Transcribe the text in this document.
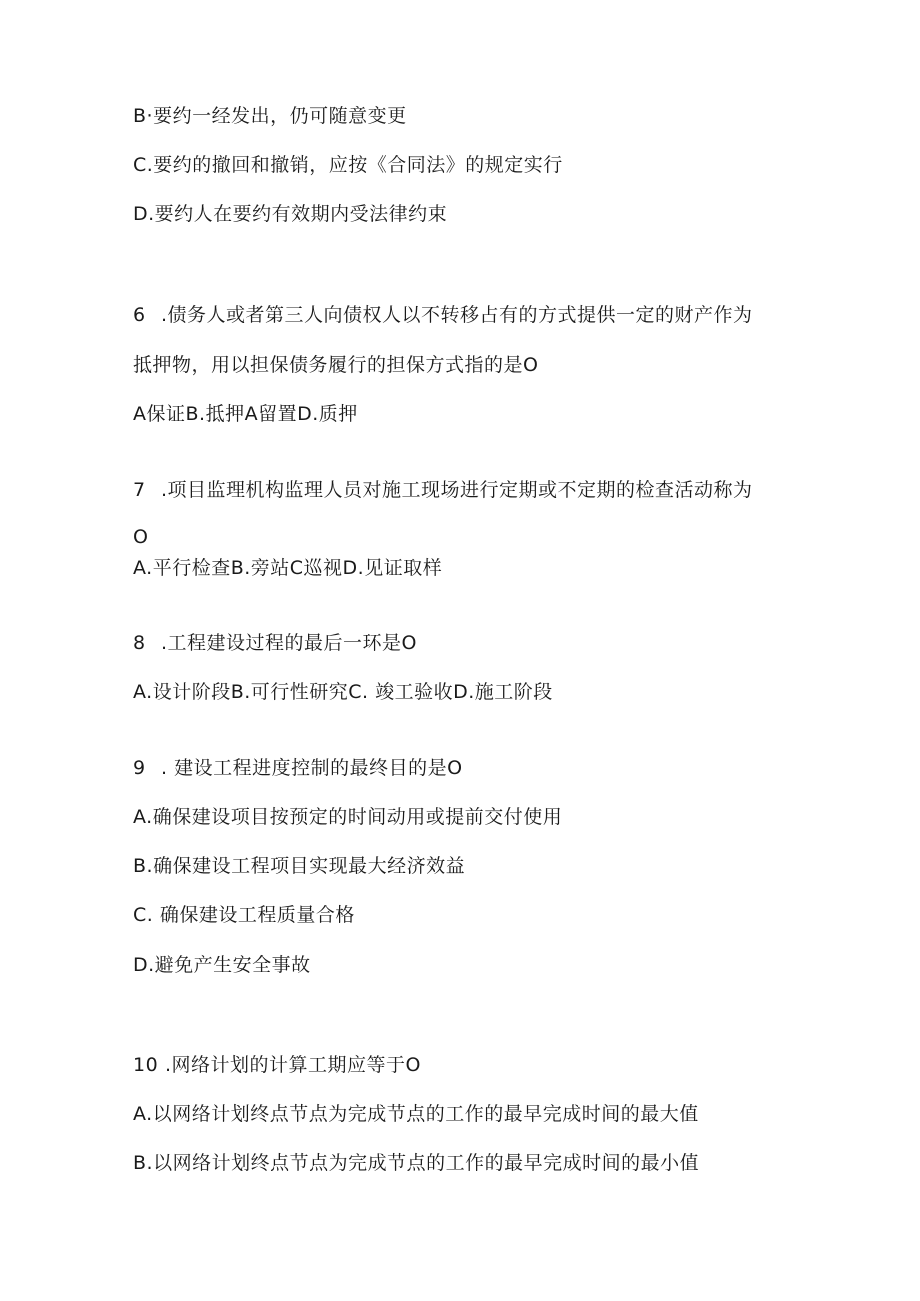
B·要约一经发出，仍可随意变更
C.要约的撤回和撤销，应按《合同法》的规定实行
D.要约人在要约有效期内受法律约束
6 .债务人或者第三人向债权人以不转移占有的方式提供一定的财产作为
抵押物，用以担保债务履行的担保方式指的是O
A保证B.抵押A留置D.质押
7 .项目监理机构监理人员对施工现场进行定期或不定期的检查活动称为
O
A.平行检查B.旁站C巡视D.见证取样
8 .工程建设过程的最后一环是O
A.设计阶段B.可行性研究C. 竣工验收D.施工阶段
9 . 建设工程进度控制的最终目的是O
A.确保建设项目按预定的时间动用或提前交付使用
B.确保建设工程项目实现最大经济效益
C. 确保建设工程质量合格
D.避免产生安全事故
10 .网络计划的计算工期应等于O
A.以网络计划终点节点为完成节点的工作的最早完成时间的最大值
B.以网络计划终点节点为完成节点的工作的最早完成时间的最小值
